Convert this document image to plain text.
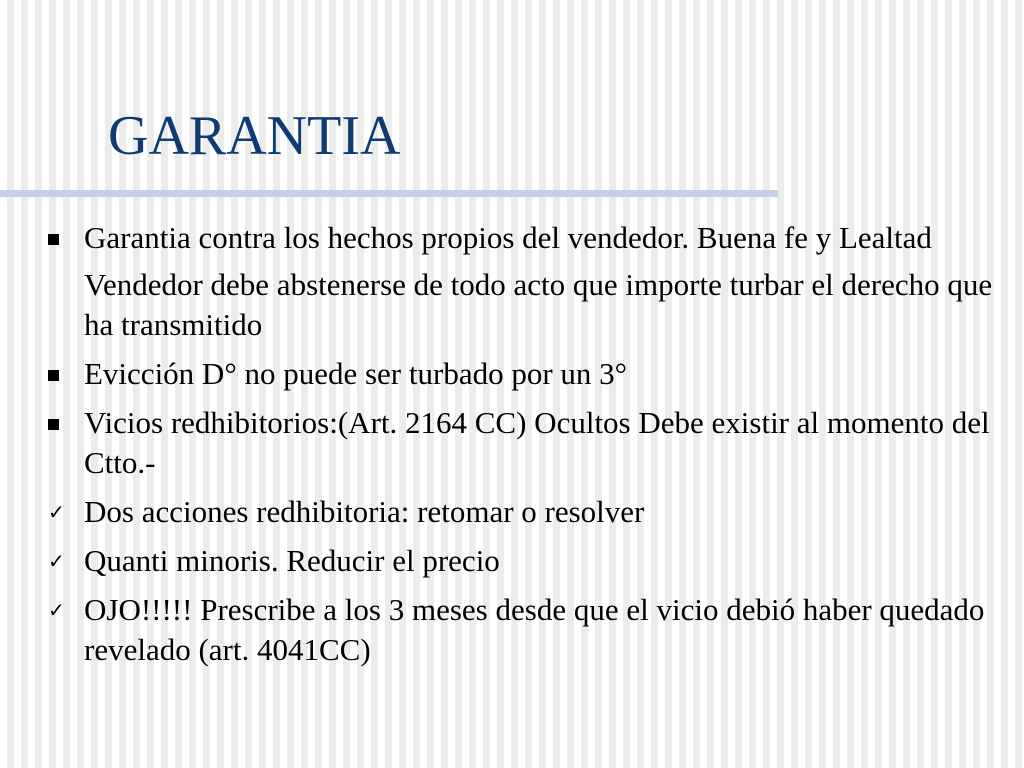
GARANTIA
Garantia contra los hechos propios del vendedor. Buena fe y Lealtad
Vendedor debe abstenerse de todo acto que importe turbar el derecho que ha transmitido
Evicción D° no puede ser turbado por un 3°
Vicios redhibitorios:(Art. 2164 CC) Ocultos Debe existir al momento del Ctto.-
✓ Dos acciones redhibitoria: retomar o resolver
✓ Quanti minoris. Reducir el precio
✓ OJO!!!!! Prescribe a los 3 meses desde que el vicio debió haber quedado revelado (art. 4041CC)
